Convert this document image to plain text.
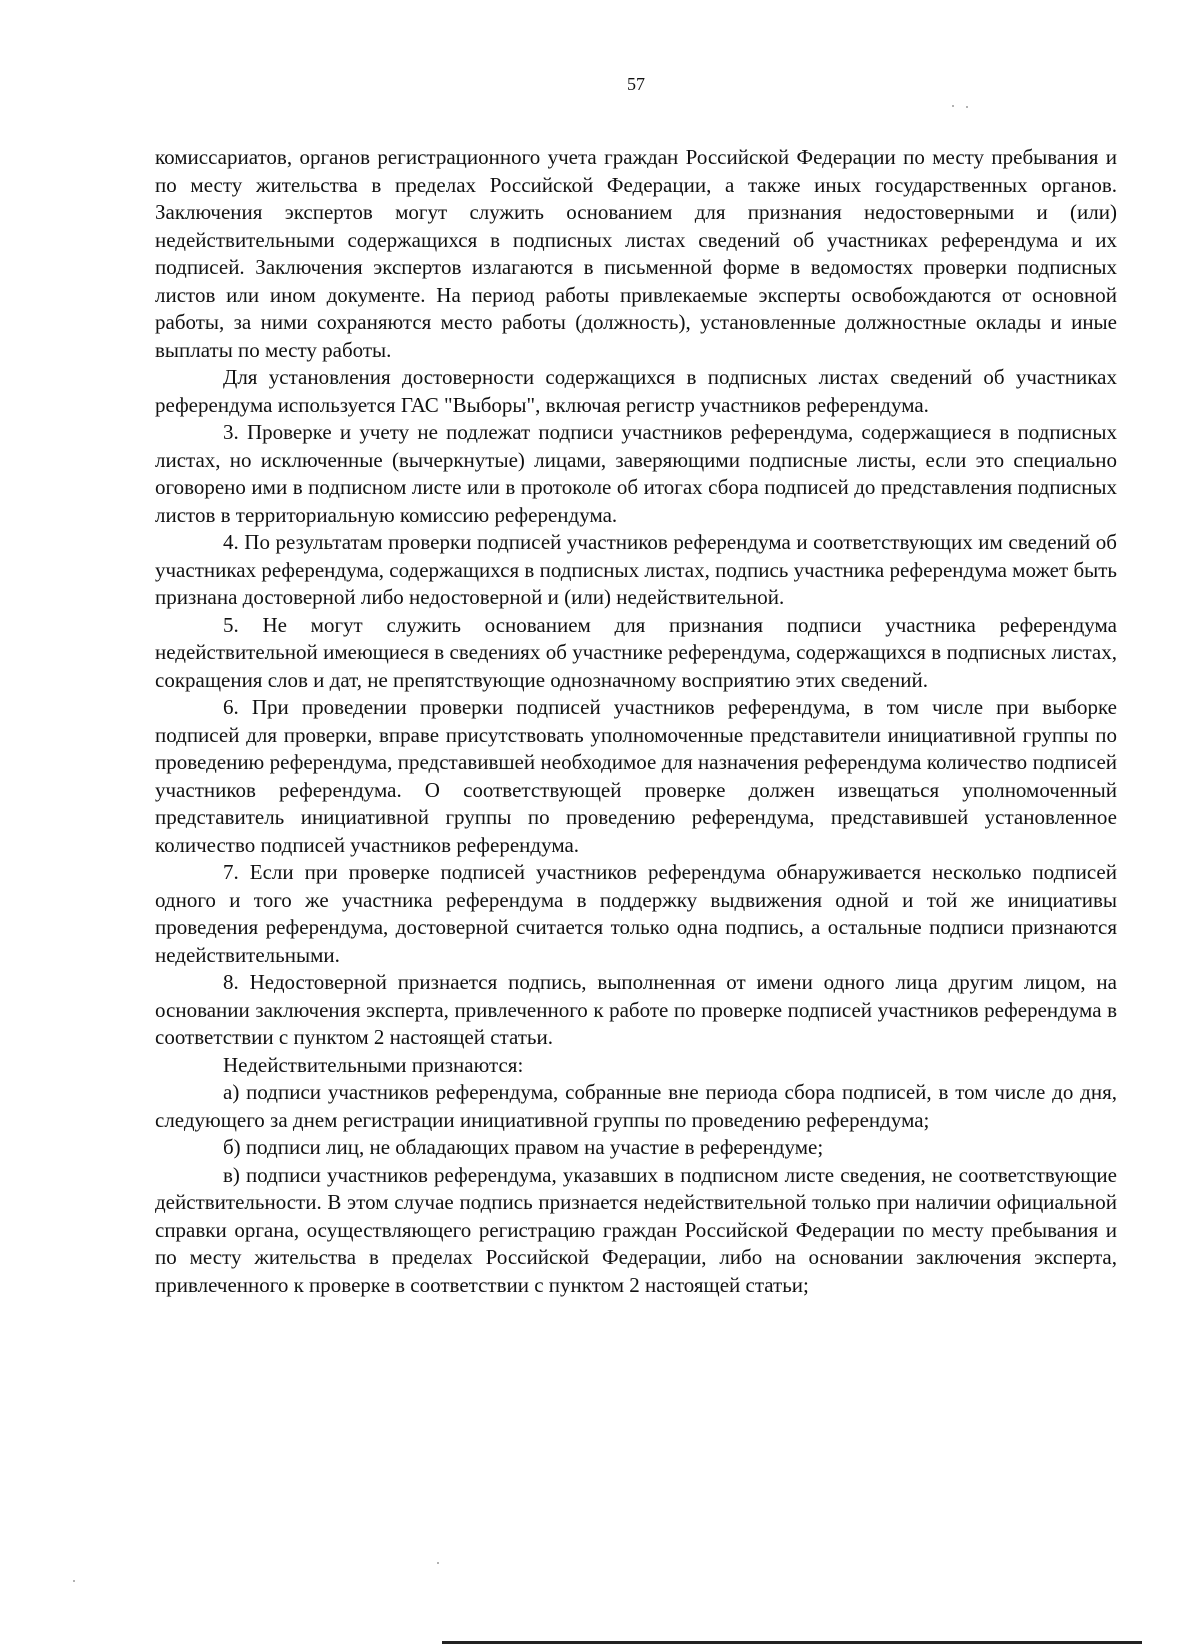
57

комиссариатов, органов регистрационного учета граждан Российской Федерации по месту пребывания и по месту жительства в пределах Российской Федерации, а также иных государственных органов. Заключения экспертов могут служить основанием для признания недостоверными и (или) недействительными содержащихся в подписных листах сведений об участниках референдума и их подписей. Заключения экспертов излагаются в письменной форме в ведомостях проверки подписных листов или ином документе. На период работы привлекаемые эксперты освобождаются от основной работы, за ними сохраняются место работы (должность), установленные должностные оклады и иные выплаты по месту работы.

Для установления достоверности содержащихся в подписных листах сведений об участниках референдума используется ГАС "Выборы", включая регистр участников референдума.

3. Проверке и учету не подлежат подписи участников референдума, содержащиеся в подписных листах, но исключенные (вычеркнутые) лицами, заверяющими подписные листы, если это специально оговорено ими в подписном листе или в протоколе об итогах сбора подписей до представления подписных листов в территориальную комиссию референдума.

4. По результатам проверки подписей участников референдума и соответствующих им сведений об участниках референдума, содержащихся в подписных листах, подпись участника референдума может быть признана достоверной либо недостоверной и (или) недействительной.

5. Не могут служить основанием для признания подписи участника референдума недействительной имеющиеся в сведениях об участнике референдума, содержащихся в подписных листах, сокращения слов и дат, не препятствующие однозначному восприятию этих сведений.

6. При проведении проверки подписей участников референдума, в том числе при выборке подписей для проверки, вправе присутствовать уполномоченные представители инициативной группы по проведению референдума, представившей необходимое для назначения референдума количество подписей участников референдума. О соответствующей проверке должен извещаться уполномоченный представитель инициативной группы по проведению референдума, представившей установленное количество подписей участников референдума.

7. Если при проверке подписей участников референдума обнаруживается несколько подписей одного и того же участника референдума в поддержку выдвижения одной и той же инициативы проведения референдума, достоверной считается только одна подпись, а остальные подписи признаются недействительными.

8. Недостоверной признается подпись, выполненная от имени одного лица другим лицом, на основании заключения эксперта, привлеченного к работе по проверке подписей участников референдума в соответствии с пунктом 2 настоящей статьи.

Недействительными признаются:

а) подписи участников референдума, собранные вне периода сбора подписей, в том числе до дня, следующего за днем регистрации инициативной группы по проведению референдума;

б) подписи лиц, не обладающих правом на участие в референдуме;

в) подписи участников референдума, указавших в подписном листе сведения, не соответствующие действительности. В этом случае подпись признается недействительной только при наличии официальной справки органа, осуществляющего регистрацию граждан Российской Федерации по месту пребывания и по месту жительства в пределах Российской Федерации, либо на основании заключения эксперта, привлеченного к проверке в соответствии с пунктом 2 настоящей статьи;
